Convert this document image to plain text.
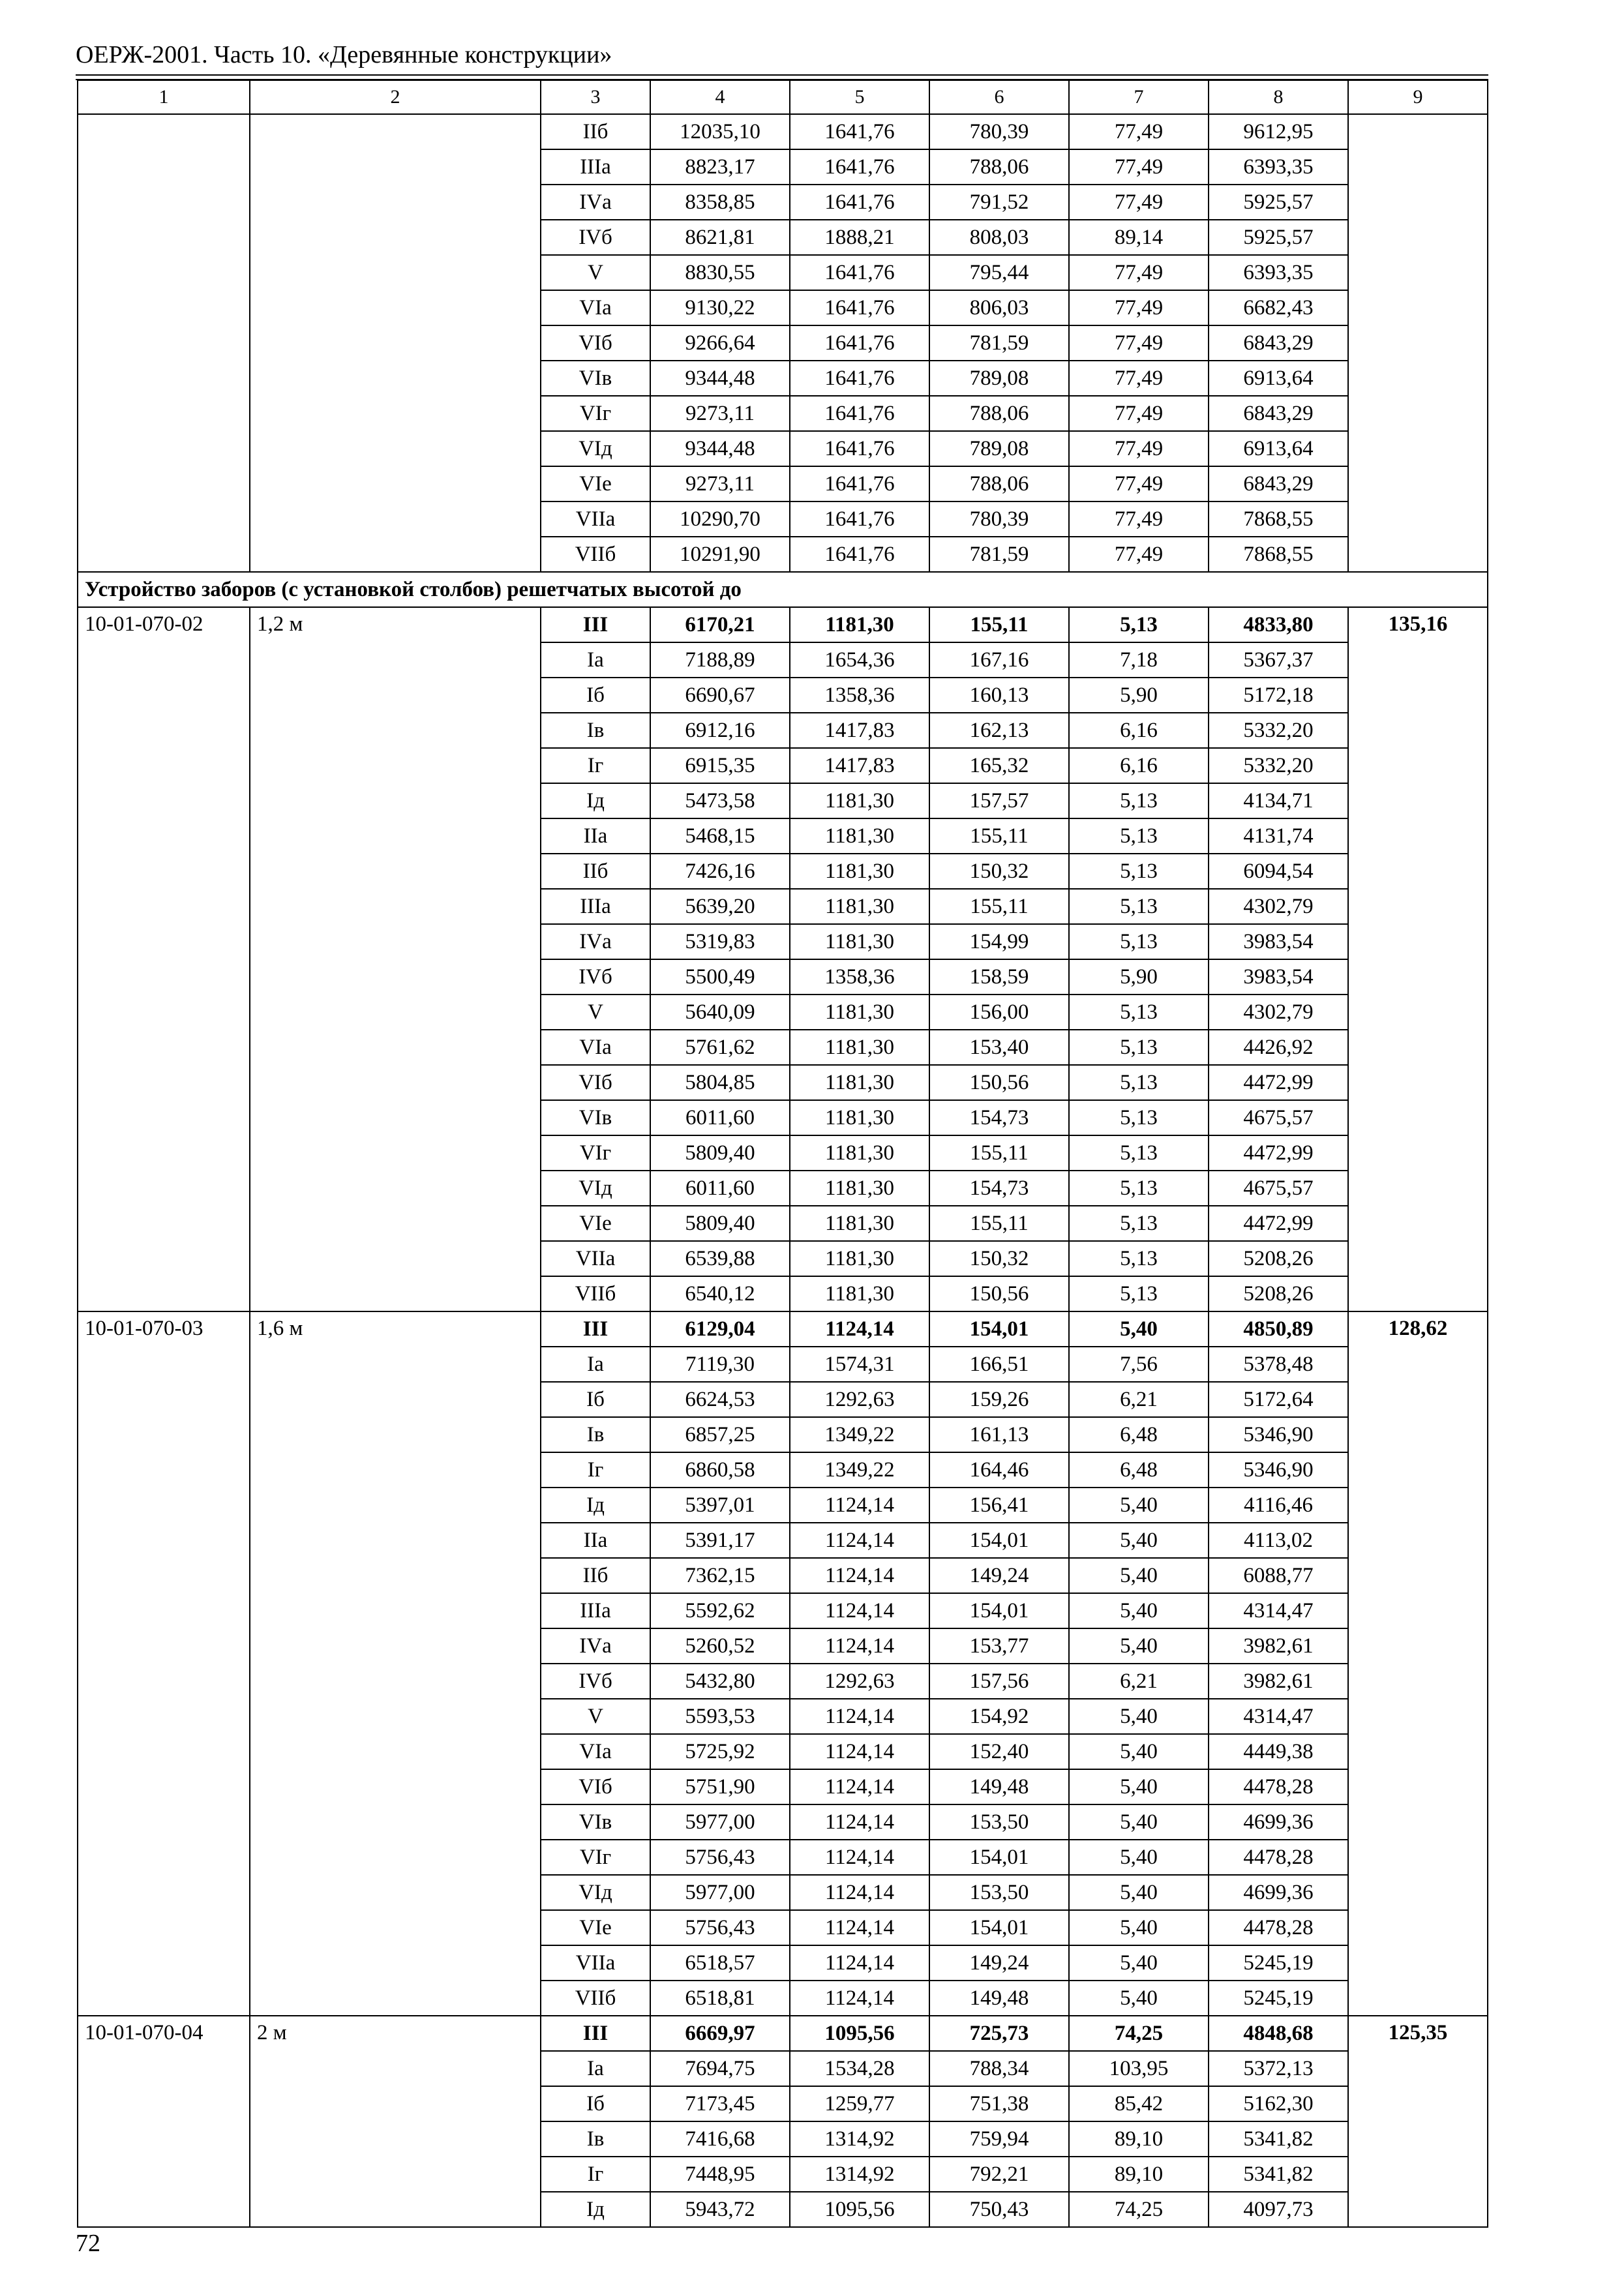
ОЕРЖ-2001. Часть 10. «Деревянные конструкции»
1	2	3	4	5	6	7	8	9
		IIб	12035,10	1641,76	780,39	77,49	9612,95	
		IIIа	8823,17	1641,76	788,06	77,49	6393,35	
		IVа	8358,85	1641,76	791,52	77,49	5925,57	
		IVб	8621,81	1888,21	808,03	89,14	5925,57	
		V	8830,55	1641,76	795,44	77,49	6393,35	
		VIа	9130,22	1641,76	806,03	77,49	6682,43	
		VIб	9266,64	1641,76	781,59	77,49	6843,29	
		VIв	9344,48	1641,76	789,08	77,49	6913,64	
		VIг	9273,11	1641,76	788,06	77,49	6843,29	
		VIд	9344,48	1641,76	789,08	77,49	6913,64	
		VIе	9273,11	1641,76	788,06	77,49	6843,29	
		VIIа	10290,70	1641,76	780,39	77,49	7868,55	
		VIIб	10291,90	1641,76	781,59	77,49	7868,55	
Устройство заборов (с установкой столбов) решетчатых высотой до								
10-01-070-02	1,2 м	III	6170,21	1181,30	155,11	5,13	4833,80	135,16
		Iа	7188,89	1654,36	167,16	7,18	5367,37	
		Iб	6690,67	1358,36	160,13	5,90	5172,18	
		Iв	6912,16	1417,83	162,13	6,16	5332,20	
		Iг	6915,35	1417,83	165,32	6,16	5332,20	
		Iд	5473,58	1181,30	157,57	5,13	4134,71	
		IIа	5468,15	1181,30	155,11	5,13	4131,74	
		IIб	7426,16	1181,30	150,32	5,13	6094,54	
		IIIа	5639,20	1181,30	155,11	5,13	4302,79	
		IVа	5319,83	1181,30	154,99	5,13	3983,54	
		IVб	5500,49	1358,36	158,59	5,90	3983,54	
		V	5640,09	1181,30	156,00	5,13	4302,79	
		VIа	5761,62	1181,30	153,40	5,13	4426,92	
		VIб	5804,85	1181,30	150,56	5,13	4472,99	
		VIв	6011,60	1181,30	154,73	5,13	4675,57	
		VIг	5809,40	1181,30	155,11	5,13	4472,99	
		VIд	6011,60	1181,30	154,73	5,13	4675,57	
		VIе	5809,40	1181,30	155,11	5,13	4472,99	
		VIIа	6539,88	1181,30	150,32	5,13	5208,26	
		VIIб	6540,12	1181,30	150,56	5,13	5208,26	
10-01-070-03	1,6 м	III	6129,04	1124,14	154,01	5,40	4850,89	128,62
		Iа	7119,30	1574,31	166,51	7,56	5378,48	
		Iб	6624,53	1292,63	159,26	6,21	5172,64	
		Iв	6857,25	1349,22	161,13	6,48	5346,90	
		Iг	6860,58	1349,22	164,46	6,48	5346,90	
		Iд	5397,01	1124,14	156,41	5,40	4116,46	
		IIа	5391,17	1124,14	154,01	5,40	4113,02	
		IIб	7362,15	1124,14	149,24	5,40	6088,77	
		IIIа	5592,62	1124,14	154,01	5,40	4314,47	
		IVа	5260,52	1124,14	153,77	5,40	3982,61	
		IVб	5432,80	1292,63	157,56	6,21	3982,61	
		V	5593,53	1124,14	154,92	5,40	4314,47	
		VIа	5725,92	1124,14	152,40	5,40	4449,38	
		VIб	5751,90	1124,14	149,48	5,40	4478,28	
		VIв	5977,00	1124,14	153,50	5,40	4699,36	
		VIг	5756,43	1124,14	154,01	5,40	4478,28	
		VIд	5977,00	1124,14	153,50	5,40	4699,36	
		VIе	5756,43	1124,14	154,01	5,40	4478,28	
		VIIа	6518,57	1124,14	149,24	5,40	5245,19	
		VIIб	6518,81	1124,14	149,48	5,40	5245,19	
10-01-070-04	2 м	III	6669,97	1095,56	725,73	74,25	4848,68	125,35
		Iа	7694,75	1534,28	788,34	103,95	5372,13	
		Iб	7173,45	1259,77	751,38	85,42	5162,30	
		Iв	7416,68	1314,92	759,94	89,10	5341,82	
		Iг	7448,95	1314,92	792,21	89,10	5341,82	
		Iд	5943,72	1095,56	750,43	74,25	4097,73	
72
